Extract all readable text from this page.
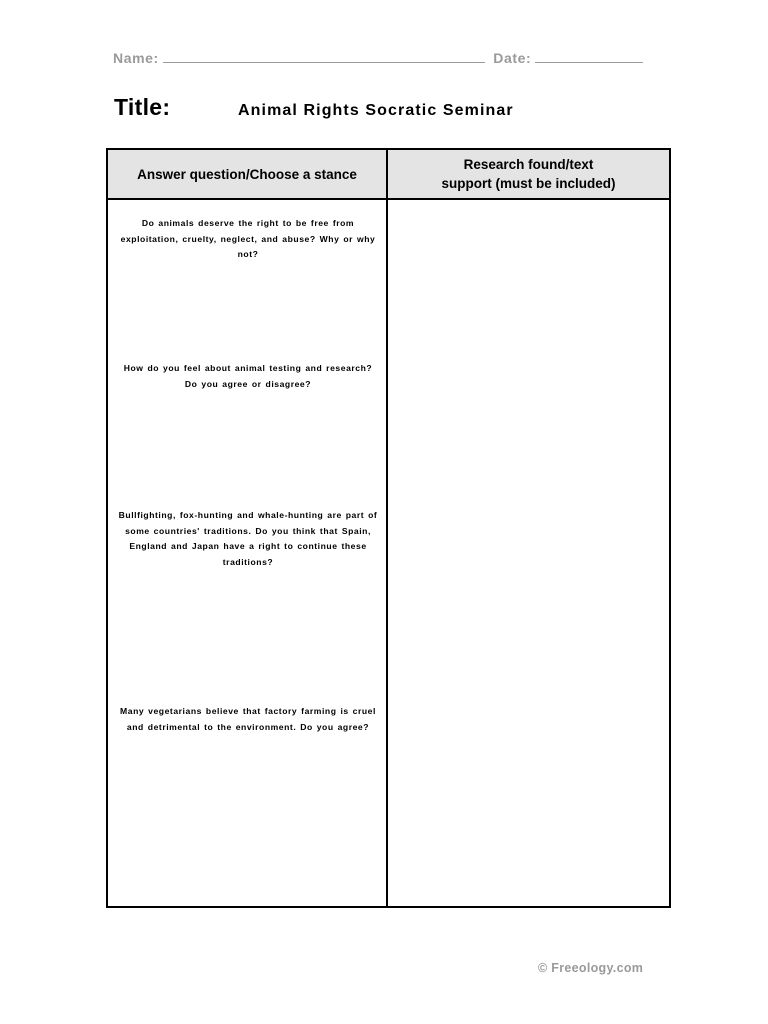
Name:	Date:
Title:	Animal Rights Socratic Seminar
Answer question/Choose a stance	Research found/text
support (must be included)

Do animals deserve the right to be free from exploitation, cruelty, neglect, and abuse? Why or why not?
How do you feel about animal testing and research? Do you agree or disagree?
Bullfighting, fox-hunting and whale-hunting are part of some countries' traditions. Do you think that Spain, England and Japan have a right to continue these traditions?
Many vegetarians believe that factory farming is cruel and detrimental to the environment. Do you agree?	

© Freeology.com
